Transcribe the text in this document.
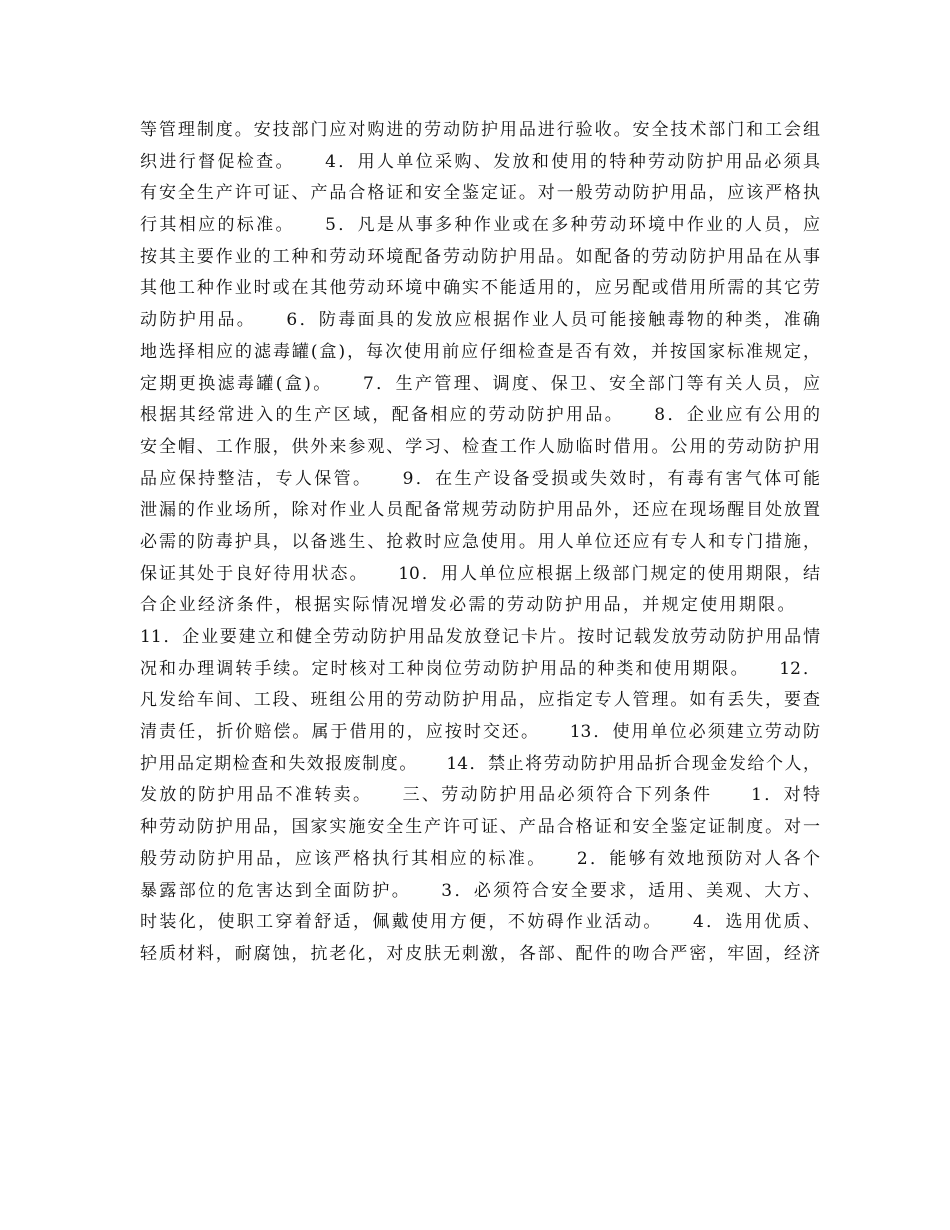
等管理制度。安技部门应对购进的劳动防护用品进行验收。安全技术部门和工会组
织进行督促检查。　　4．用人单位采购、发放和使用的特种劳动防护用品必须具
有安全生产许可证、产品合格证和安全鉴定证。对一般劳动防护用品，应该严格执
行其相应的标准。　　5．凡是从事多种作业或在多种劳动环境中作业的人员，应
按其主要作业的工种和劳动环境配备劳动防护用品。如配备的劳动防护用品在从事
其他工种作业时或在其他劳动环境中确实不能适用的，应另配或借用所需的其它劳
动防护用品。　　6．防毒面具的发放应根据作业人员可能接触毒物的种类，准确
地选择相应的滤毒罐(盒)，每次使用前应仔细检查是否有效，并按国家标准规定，
定期更换滤毒罐(盒)。　　7．生产管理、调度、保卫、安全部门等有关人员，应
根据其经常进入的生产区域，配备相应的劳动防护用品。　　8．企业应有公用的
安全帽、工作服，供外来参观、学习、检查工作人励临时借用。公用的劳动防护用
品应保持整洁，专人保管。　　9．在生产设备受损或失效时，有毒有害气体可能
泄漏的作业场所，除对作业人员配备常规劳动防护用品外，还应在现场醒目处放置
必需的防毒护具，以备逃生、抢救时应急使用。用人单位还应有专人和专门措施，
保证其处于良好待用状态。　　10．用人单位应根据上级部门规定的使用期限，结
合企业经济条件，根据实际情况增发必需的劳动防护用品，并规定使用期限。　　
11．企业要建立和健全劳动防护用品发放登记卡片。按时记载发放劳动防护用品情
况和办理调转手续。定时核对工种岗位劳动防护用品的种类和使用期限。　　12．
凡发给车间、工段、班组公用的劳动防护用品，应指定专人管理。如有丢失，要查
清责任，折价赔偿。属于借用的，应按时交还。　　13．使用单位必须建立劳动防
护用品定期检查和失效报废制度。　　14．禁止将劳动防护用品折合现金发给个人，
发放的防护用品不准转卖。　　三、劳动防护用品必须符合下列条件　　1．对特
种劳动防护用品，国家实施安全生产许可证、产品合格证和安全鉴定证制度。对一
般劳动防护用品，应该严格执行其相应的标准。　　2．能够有效地预防对人各个
暴露部位的危害达到全面防护。　　3．必须符合安全要求，适用、美观、大方、
时装化，使职工穿着舒适，佩戴使用方便，不妨碍作业活动。　　4．选用优质、
轻质材料，耐腐蚀，抗老化，对皮肤无刺激，各部、配件的吻合严密，牢固，经济
